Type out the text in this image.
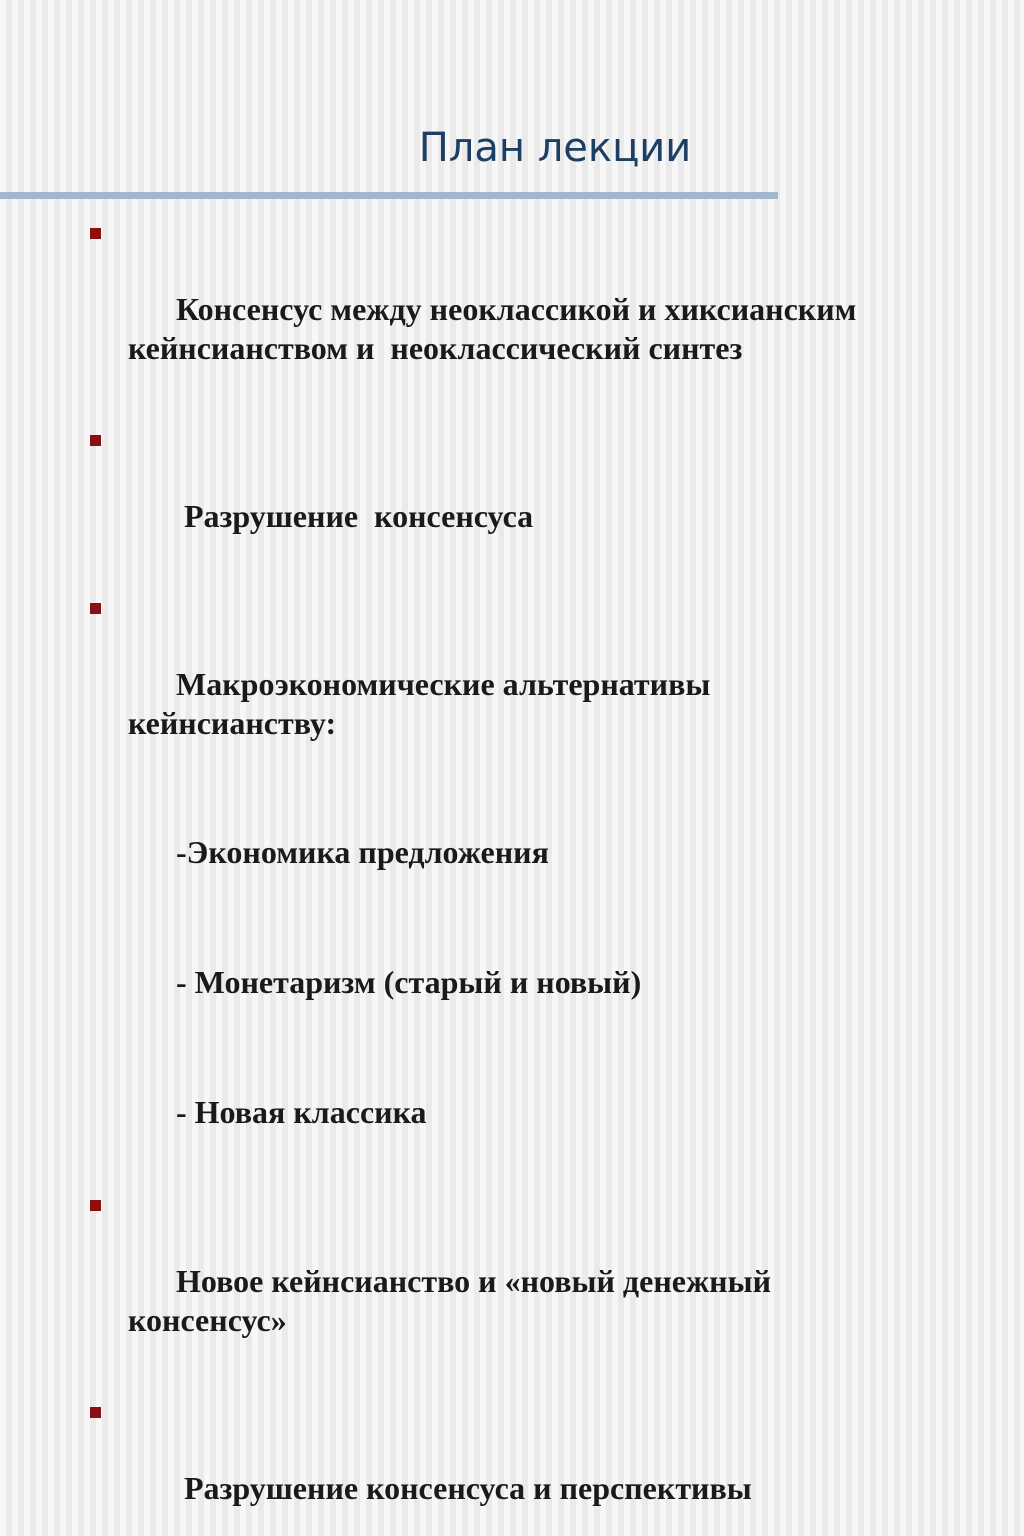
План лекции

Консенсус между неоклассикой и хиксианским
кейнсианством и  неоклассический синтез

Разрушение  консенсуса

Макроэкономические альтернативы
кейнсианству:

-Экономика предложения

- Монетаризм (старый и новый)

- Новая классика

Новое кейнсианство и «новый денежный
консенсус»

Разрушение консенсуса и перспективы
